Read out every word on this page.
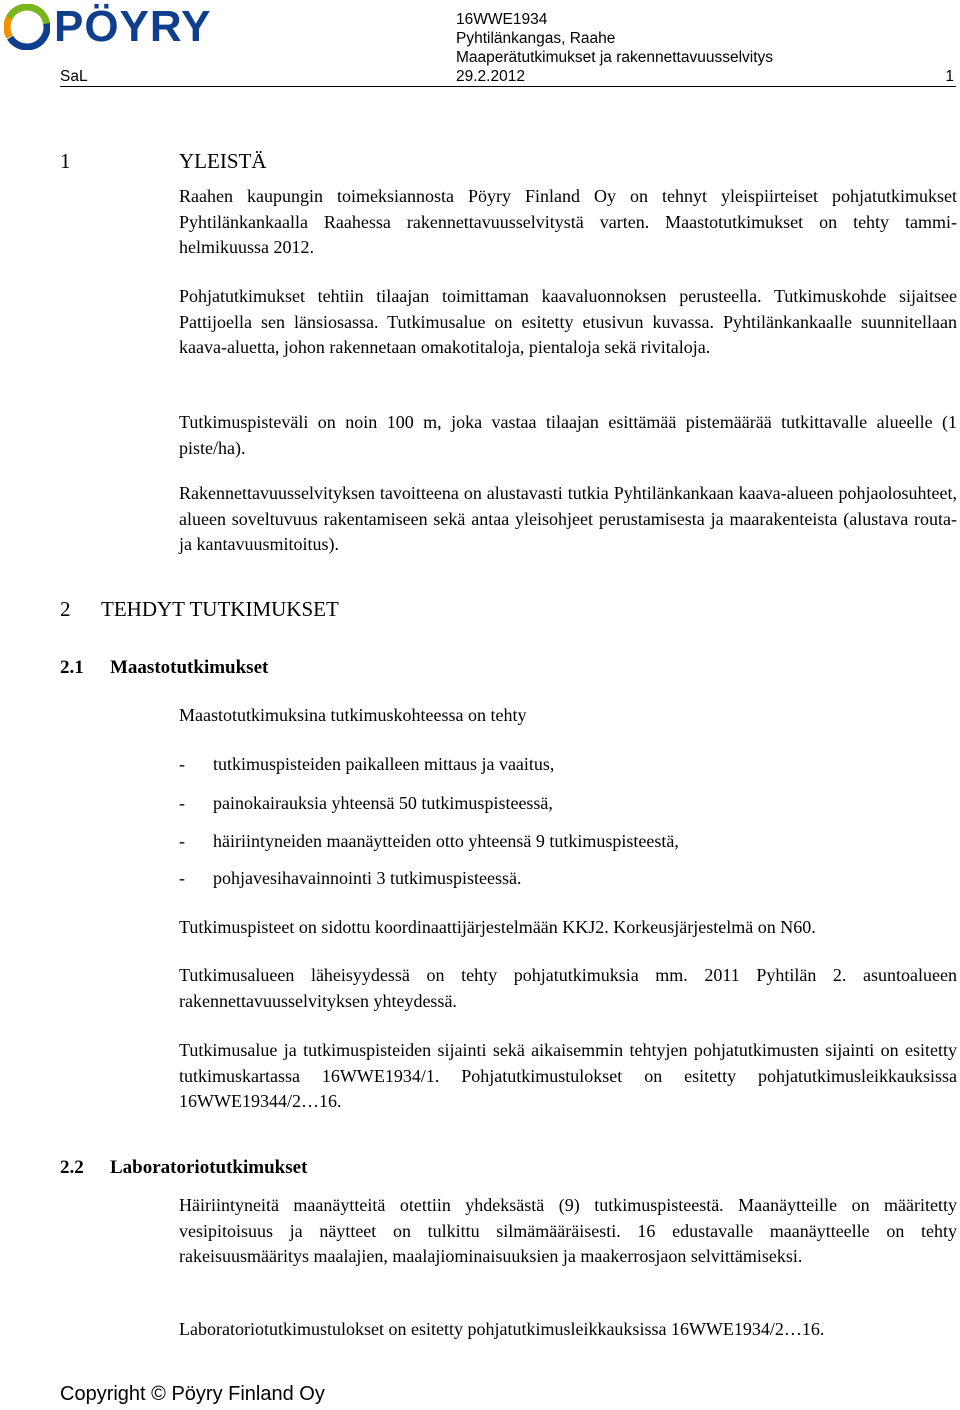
PÖYRY	16WWE1934
Pyhtilänkangas, Raahe
Maaperätutkimukset ja rakennettavuusselvitys
SaL	29.2.2012	1
1	YLEISTÄ
Raahen kaupungin toimeksiannosta Pöyry Finland Oy on tehnyt yleispiirteiset pohjatutkimukset Pyhtilänkankaalla Raahessa rakennettavuusselvitystä varten. Maastotutkimukset on tehty tammi-helmikuussa 2012.
Pohjatutkimukset tehtiin tilaajan toimittaman kaavaluonnoksen perusteella. Tutkimuskohde sijaitsee Pattijoella sen länsiosassa. Tutkimusalue on esitetty etusivun kuvassa. Pyhtilänkankaalle suunnitellaan kaava-aluetta, johon rakennetaan omakotitaloja, pientaloja sekä rivitaloja.
Tutkimuspisteväli on noin 100 m, joka vastaa tilaajan esittämää pistemäärää tutkittavalle alueelle (1 piste/ha).
Rakennettavuusselvityksen tavoitteena on alustavasti tutkia Pyhtilänkankaan kaava-alueen pohjaolosuhteet, alueen soveltuvuus rakentamiseen sekä antaa yleisohjeet perustamisesta ja maarakenteista (alustava routa- ja kantavuusmitoitus).
2 TEHDYT TUTKIMUKSET
2.1 Maastotutkimukset
Maastotutkimuksina tutkimuskohteessa on tehty
- tutkimuspisteiden paikalleen mittaus ja vaaitus,
- painokairauksia yhteensä 50 tutkimuspisteessä,
- häiriintyneiden maanäytteiden otto yhteensä 9 tutkimuspisteestä,
- pohjavesihavainnointi 3 tutkimuspisteessä.
Tutkimuspisteet on sidottu koordinaattijärjestelmään KKJ2. Korkeusjärjestelmä on N60.
Tutkimusalueen läheisyydessä on tehty pohjatutkimuksia mm. 2011 Pyhtilän 2. asuntoalueen rakennettavuusselvityksen yhteydessä.
Tutkimusalue ja tutkimuspisteiden sijainti sekä aikaisemmin tehtyjen pohjatutkimusten sijainti on esitetty tutkimuskartassa 16WWE1934/1. Pohjatutkimustulokset on esitetty pohjatutkimusleikkauksissa 16WWE19344/2…16.
2.2 Laboratoriotutkimukset
Häiriintyneitä maanäytteitä otettiin yhdeksästä (9) tutkimuspisteestä. Maanäytteille on määritetty vesipitoisuus ja näytteet on tulkittu silmämääräisesti. 16 edustavalle maanäytteelle on tehty rakeisuusmääritys maalajien, maalajiominaisuuksien ja maakerrosjaon selvittämiseksi.
Laboratoriotutkimustulokset on esitetty pohjatutkimusleikkauksissa 16WWE1934/2…16.
Copyright © Pöyry Finland Oy
